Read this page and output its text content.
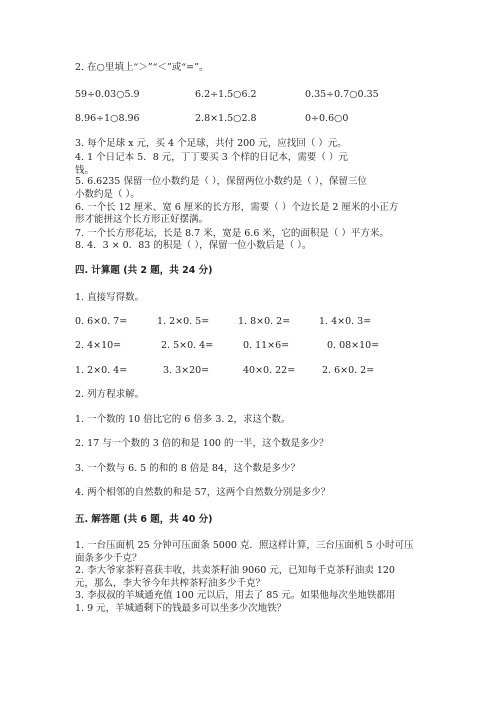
2. 在○里填上“＞”“＜”或“=”。
59÷0.03○5.9	6.2÷1.5○6.2	0.35÷0.7○0.35
8.96÷1○8.96	2.8×1.5○2.8	0÷0.6○0
3. 每个足球 x 元，买 4 个足球，共付 200 元，应找回（ ）元。
4. 1 个日记本 5．8 元，丁丁要买 3 个样的日记本，需要（ ）元
钱。
5. 6.6235 保留一位小数约是（ ），保留两位小数约是（ ），保留三位
小数约是（ ）。
6. 一个长 12 厘米、宽 6 厘米的长方形，需要（ ）个边长是 2 厘米的小正方
形才能拼这个长方形正好摆满。
7. 一个长方形花坛，长是 8.7 米，宽是 6.6 米，它的面积是（ ）平方米。
8. 4．3 × 0．83 的积是（ ），保留一位小数后是（ ）。
四. 计算题 (共 2 题，共 24 分)
1. 直接写得数。
0. 6×0. 7=	1. 2×0. 5=	1. 8×0. 2=	1. 4×0. 3=
2. 4×10=	2. 5×0. 4=	0. 11×6=	0. 08×10=
1. 2×0. 4=	3. 3×20=	40×0. 22=	2. 6×0. 2=
2. 列方程求解。
1. 一个数的 10 倍比它的 6 倍多 3. 2，求这个数。
2. 17 与一个数的 3 倍的和是 100 的一半，这个数是多少？
3. 一个数与 6. 5 的和的 8 倍是 84，这个数是多少？
4. 两个相邻的自然数的和是 57，这两个自然数分别是多少？
五. 解答题 (共 6 题，共 40 分)
1. 一台压面机 25 分钟可压面条 5000 克．照这样计算，三台压面机 5 小时可压
面条多少千克？
2. 李大爷家茶籽喜获丰收，共卖茶籽油 9060 元，已知每千克茶籽油卖 120
元，那么，李大爷今年共榨茶籽油多少千克？
3. 李叔叔的羊城通充值 100 元以后，用去了 85 元。如果他每次坐地铁都用
1. 9 元，羊城通剩下的钱最多可以坐多少次地铁？
